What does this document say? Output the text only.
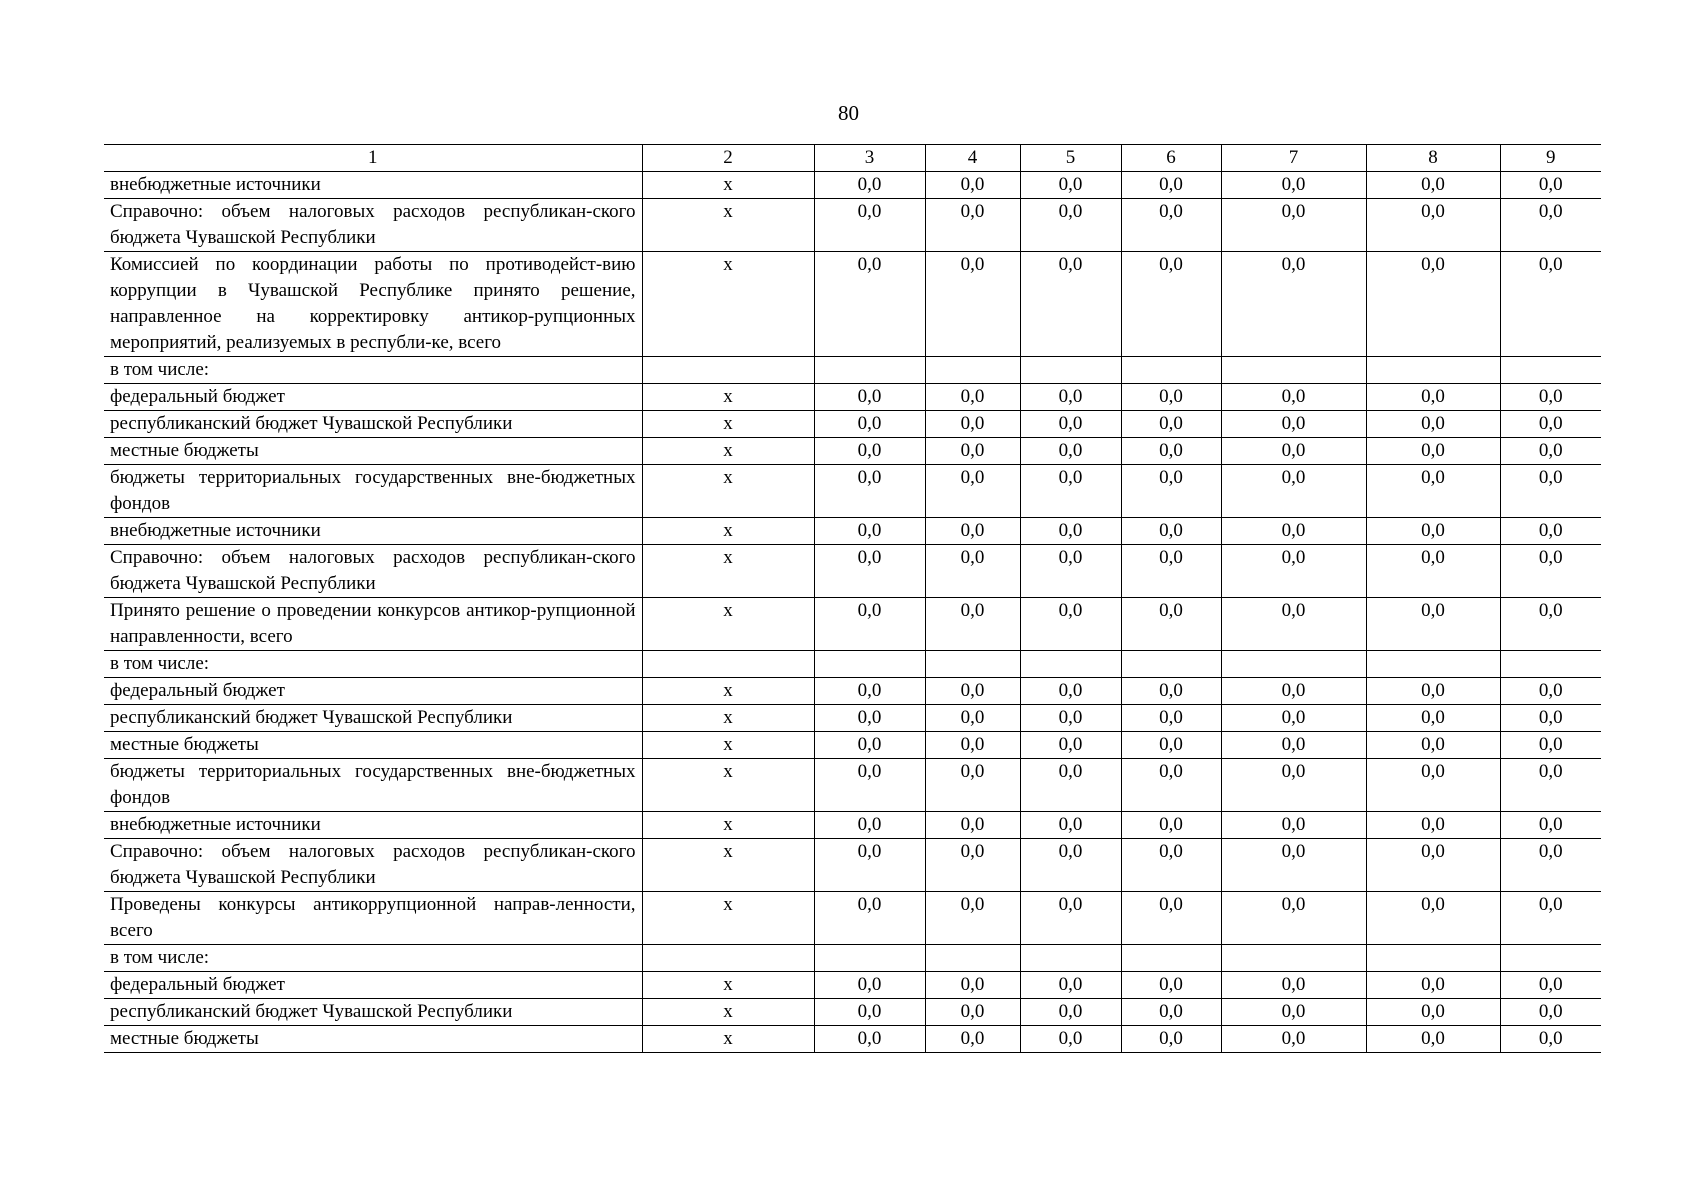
80
1	2	3	4	5	6	7	8	9
внебюджетные источники	х	0,0	0,0	0,0	0,0	0,0	0,0	0,0
Справочно: объем налоговых расходов республикан-ского бюджета Чувашской Республики	х	0,0	0,0	0,0	0,0	0,0	0,0	0,0
Комиссией по координации работы по противодейст-вию коррупции в Чувашской Республике принято решение, направленное на корректировку антикор-рупционных мероприятий, реализуемых в республи-ке, всего	х	0,0	0,0	0,0	0,0	0,0	0,0	0,0
в том числе:								
федеральный бюджет	х	0,0	0,0	0,0	0,0	0,0	0,0	0,0
республиканский бюджет Чувашской Республики	х	0,0	0,0	0,0	0,0	0,0	0,0	0,0
местные бюджеты	х	0,0	0,0	0,0	0,0	0,0	0,0	0,0
бюджеты территориальных государственных вне-бюджетных фондов	х	0,0	0,0	0,0	0,0	0,0	0,0	0,0
внебюджетные источники	х	0,0	0,0	0,0	0,0	0,0	0,0	0,0
Справочно: объем налоговых расходов республикан-ского бюджета Чувашской Республики	х	0,0	0,0	0,0	0,0	0,0	0,0	0,0
Принято решение о проведении конкурсов антикор-рупционной направленности, всего	х	0,0	0,0	0,0	0,0	0,0	0,0	0,0
в том числе:								
федеральный бюджет	х	0,0	0,0	0,0	0,0	0,0	0,0	0,0
республиканский бюджет Чувашской Республики	х	0,0	0,0	0,0	0,0	0,0	0,0	0,0
местные бюджеты	х	0,0	0,0	0,0	0,0	0,0	0,0	0,0
бюджеты территориальных государственных вне-бюджетных фондов	х	0,0	0,0	0,0	0,0	0,0	0,0	0,0
внебюджетные источники	х	0,0	0,0	0,0	0,0	0,0	0,0	0,0
Справочно: объем налоговых расходов республикан-ского бюджета Чувашской Республики	х	0,0	0,0	0,0	0,0	0,0	0,0	0,0
Проведены конкурсы антикоррупционной направ-ленности, всего	х	0,0	0,0	0,0	0,0	0,0	0,0	0,0
в том числе:								
федеральный бюджет	х	0,0	0,0	0,0	0,0	0,0	0,0	0,0
республиканский бюджет Чувашской Республики	х	0,0	0,0	0,0	0,0	0,0	0,0	0,0
местные бюджеты	х	0,0	0,0	0,0	0,0	0,0	0,0	0,0
